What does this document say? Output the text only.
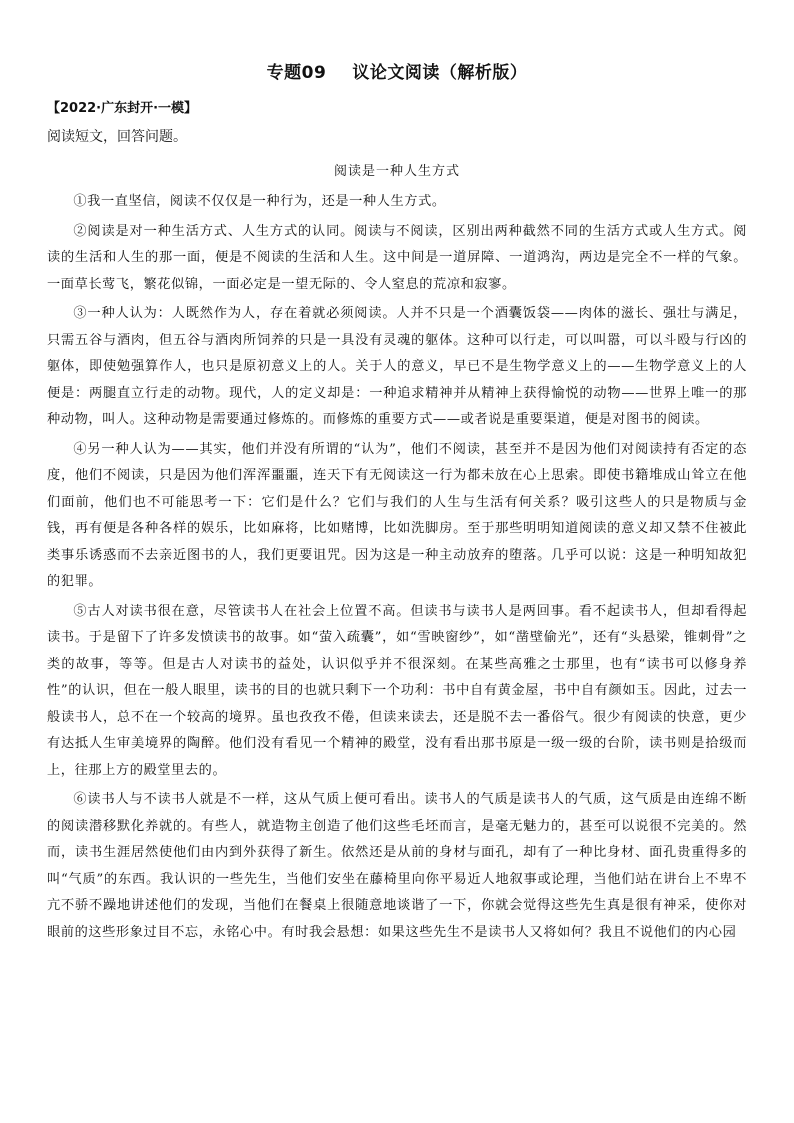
专题09 议论文阅读（解析版）
【2022·广东封开·一模】
阅读短文，回答问题。
阅读是一种人生方式

①我一直坚信，阅读不仅仅是一种行为，还是一种人生方式。

②阅读是对一种生活方式、人生方式的认同。阅读与不阅读，区别出两种截然不同的生活方式或人生方式。阅读的生活和人生的那一面，便是不阅读的生活和人生。这中间是一道屏障、一道鸿沟，两边是完全不一样的气象。一面草长莺飞，繁花似锦，一面必定是一望无际的、令人窒息的荒凉和寂寥。

③一种人认为：人既然作为人，存在着就必须阅读。人并不只是一个酒囊饭袋——肉体的滋长、强壮与满足，只需五谷与酒肉，但五谷与酒肉所饲养的只是一具没有灵魂的躯体。这种可以行走，可以叫嚣，可以斗殴与行凶的躯体，即使勉强算作人，也只是原初意义上的人。关于人的意义，早已不是生物学意义上的——生物学意义上的人便是：两腿直立行走的动物。现代，人的定义却是：一种追求精神并从精神上获得愉悦的动物——世界上唯一的那种动物，叫人。这种动物是需要通过修炼的。而修炼的重要方式——或者说是重要渠道，便是对图书的阅读。

④另一种人认为——其实，他们并没有所谓的“认为”，他们不阅读，甚至并不是因为他们对阅读持有否定的态度，他们不阅读，只是因为他们浑浑噩噩，连天下有无阅读这一行为都未放在心上思索。即使书籍堆成山耸立在他们面前，他们也不可能思考一下：它们是什么？它们与我们的人生与生活有何关系？吸引这些人的只是物质与金钱，再有便是各种各样的娱乐，比如麻将，比如赌博，比如洗脚房。至于那些明明知道阅读的意义却又禁不住被此类事乐诱惑而不去亲近图书的人，我们更要诅咒。因为这是一种主动放弃的堕落。几乎可以说：这是一种明知故犯的犯罪。

⑤古人对读书很在意，尽管读书人在社会上位置不高。但读书与读书人是两回事。看不起读书人，但却看得起读书。于是留下了许多发愤读书的故事。如“萤入疏囊”，如“雪映窗纱”，如“凿壁偷光”，还有“头悬梁，锥刺骨”之类的故事，等等。但是古人对读书的益处，认识似乎并不很深刻。在某些高雅之士那里，也有“读书可以修身养性”的认识，但在一般人眼里，读书的目的也就只剩下一个功利：书中自有黄金屋，书中自有颜如玉。因此，过去一般读书人，总不在一个较高的境界。虽也孜孜不倦，但读来读去，还是脱不去一番俗气。很少有阅读的快意，更少有达抵人生审美境界的陶醉。他们没有看见一个精神的殿堂，没有看出那书原是一级一级的台阶，读书则是拾级而上，往那上方的殿堂里去的。

⑥读书人与不读书人就是不一样，这从气质上便可看出。读书人的气质是读书人的气质，这气质是由连绵不断的阅读潜移默化养就的。有些人，就造物主创造了他们这些毛坯而言，是毫无魅力的，甚至可以说很不完美的。然而，读书生涯居然使他们由内到外获得了新生。依然还是从前的身材与面孔，却有了一种比身材、面孔贵重得多的叫“气质”的东西。我认识的一些先生，当他们安坐在藤椅里向你平易近人地叙事或论理，当他们站在讲台上不卑不亢不骄不躁地讲述他们的发现，当他们在餐桌上很随意地谈谐了一下，你就会觉得这些先生真是很有神采，使你对眼前的这些形象过目不忘，永铭心中。有时我会悬想：如果这些先生不是读书人又将如何？我且不说他们的内心园
